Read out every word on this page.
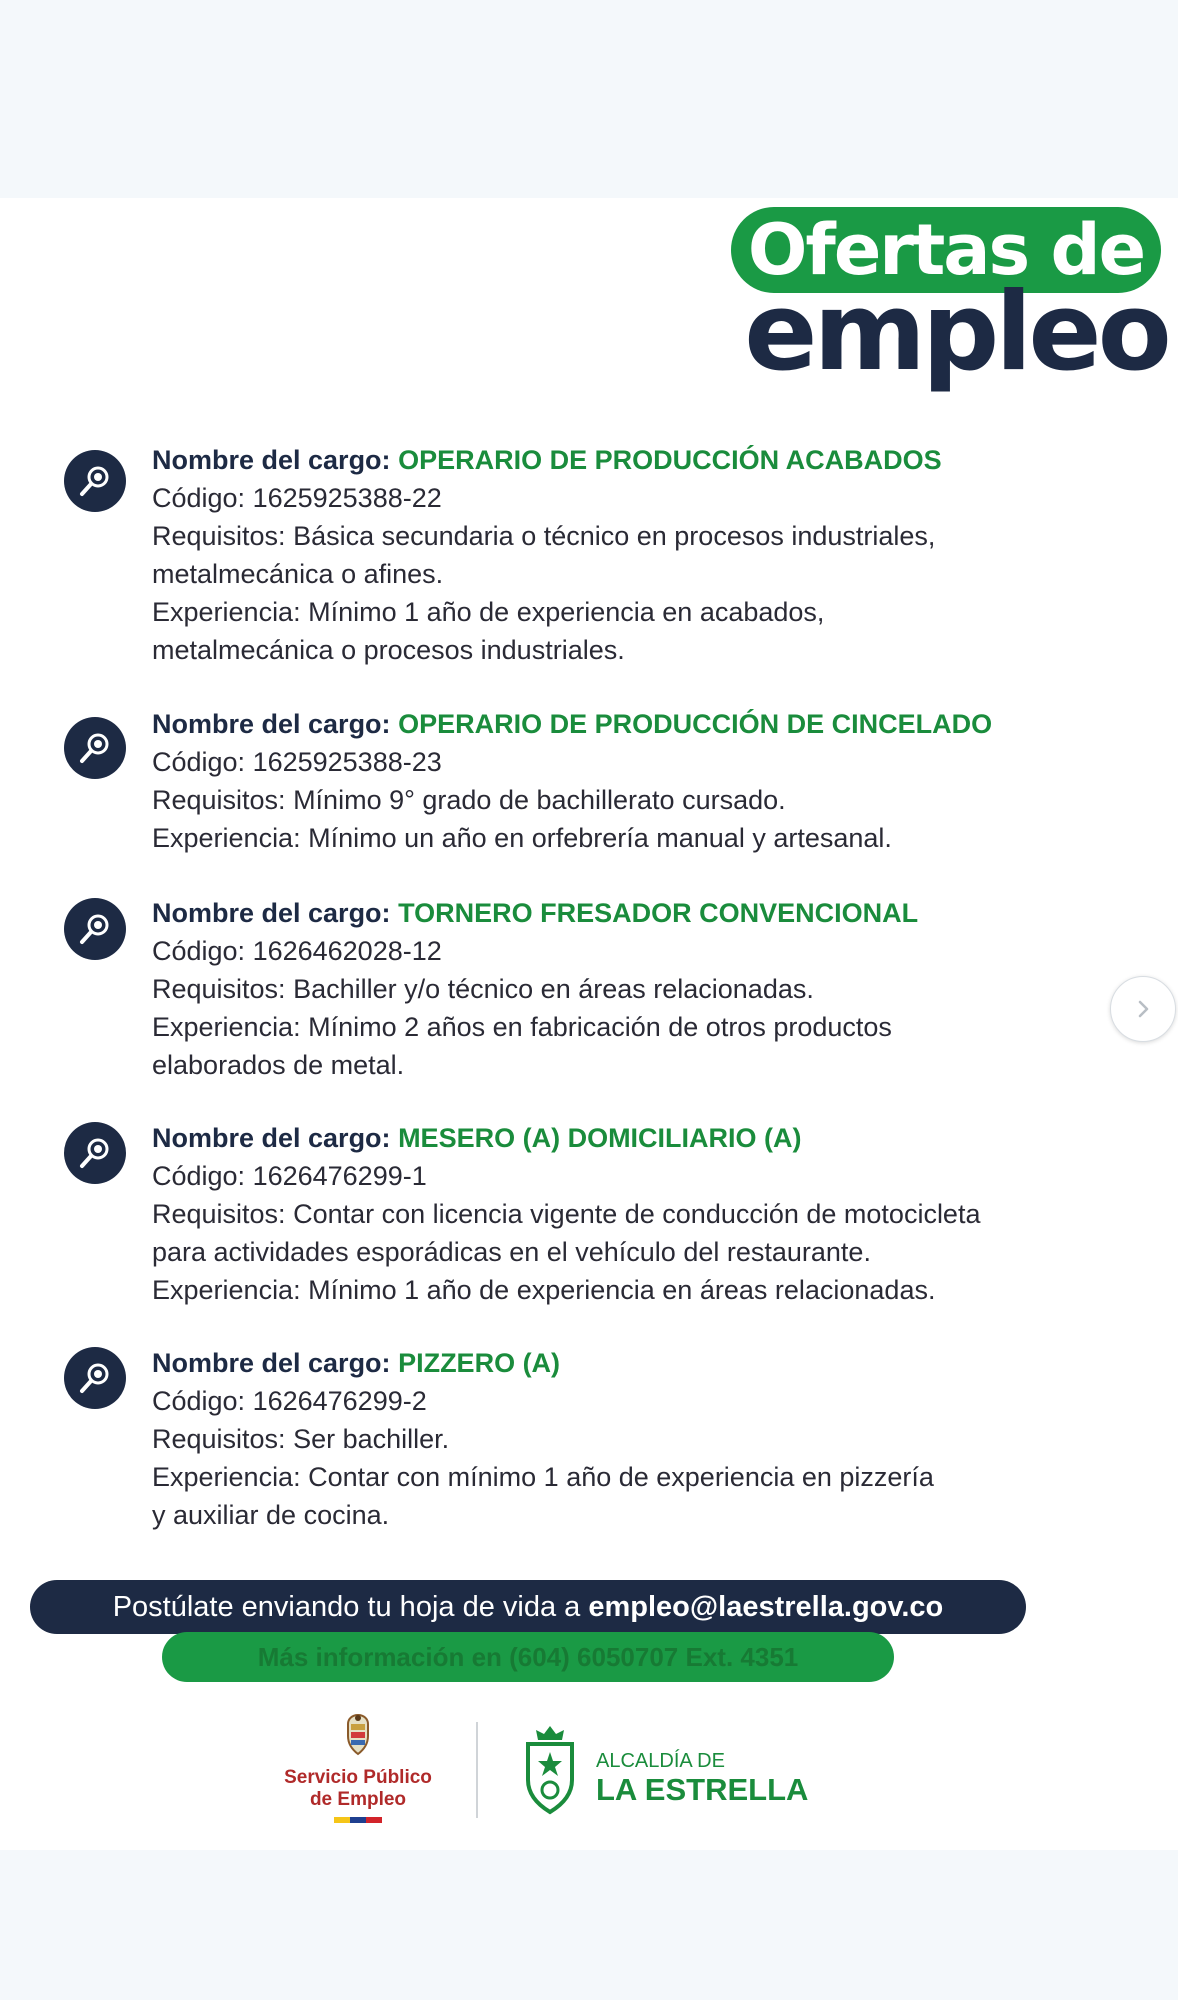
Ofertas de
empleo

Nombre del cargo: OPERARIO DE PRODUCCIÓN ACABADOS

Código: 1625925388-22

Requisitos: Básica secundaria o técnico en procesos industriales,

metalmecánica o afines.

Experiencia: Mínimo 1 año de experiencia en acabados,

metalmecánica o procesos industriales.

Nombre del cargo: OPERARIO DE PRODUCCIÓN DE CINCELADO

Código: 1625925388-23

Requisitos: Mínimo 9° grado de bachillerato cursado.

Experiencia: Mínimo un año en orfebrería manual y artesanal.

Nombre del cargo: TORNERO FRESADOR CONVENCIONAL

Código: 1626462028-12

Requisitos: Bachiller y/o técnico en áreas relacionadas.

Experiencia: Mínimo 2 años en fabricación de otros productos

elaborados de metal.

Nombre del cargo: MESERO (A) DOMICILIARIO (A)

Código: 1626476299-1

Requisitos: Contar con licencia vigente de conducción de motocicleta

para actividades esporádicas en el vehículo del restaurante.

Experiencia: Mínimo 1 año de experiencia en áreas relacionadas.

Nombre del cargo: PIZZERO (A)

Código: 1626476299-2

Requisitos: Ser bachiller.

Experiencia: Contar con mínimo 1 año de experiencia en pizzería

y auxiliar de cocina.

Postúlate enviando tu hoja de vida a empleo@laestrella.gov.co
Más información en (604) 6050707 Ext. 4351
Servicio Público
de Empleo
ALCALDÍA DE
LA ESTRELLA
